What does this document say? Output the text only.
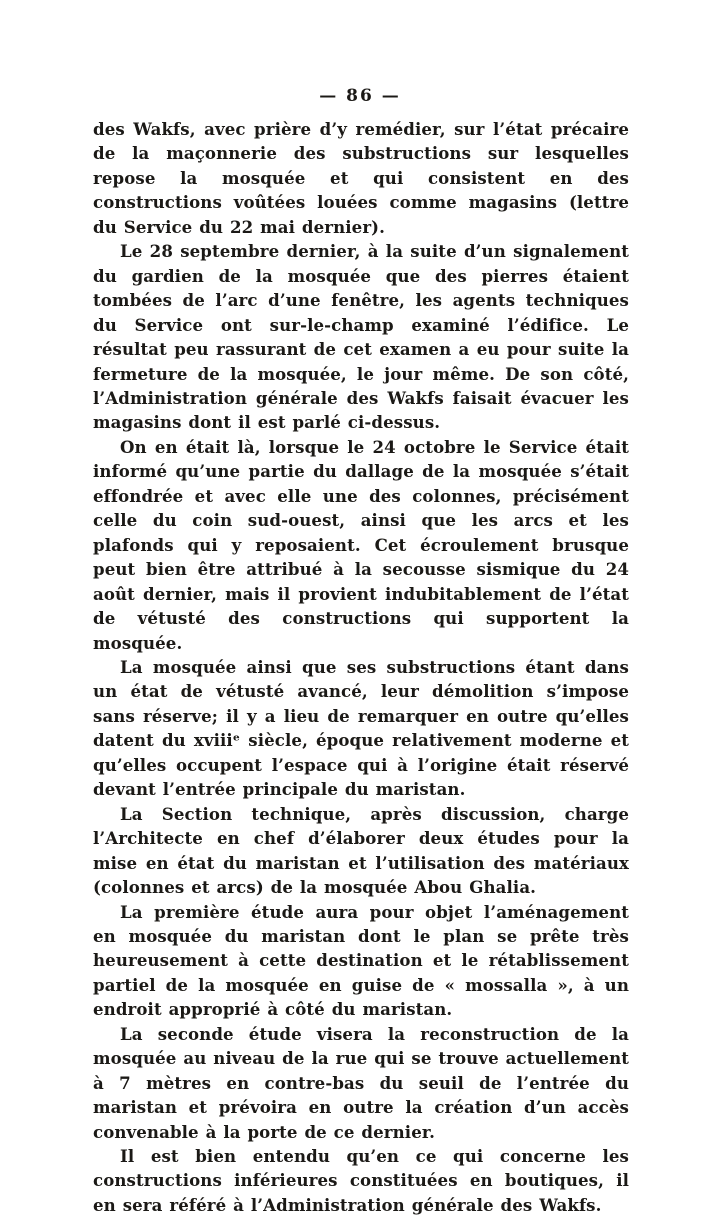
— 86 —

des Wakfs, avec prière d’y remédier, sur l’état précaire de la maçonnerie des substructions sur lesquelles repose la mosquée et qui consistent en des constructions voûtées louées comme magasins (lettre du Service du 22 mai dernier).

Le 28 septembre dernier, à la suite d’un signalement du gardien de la mosquée que des pierres étaient tombées de l’arc d’une fenêtre, les agents techniques du Service ont sur-le-champ examiné l’édifice. Le résultat peu rassurant de cet examen a eu pour suite la fermeture de la mosquée, le jour même. De son côté, l’Administration générale des Wakfs faisait évacuer les magasins dont il est parlé ci-dessus.

On en était là, lorsque le 24 octobre le Service était informé qu’une partie du dallage de la mosquée s’était effondrée et avec elle une des colonnes, précisément celle du coin sud-ouest, ainsi que les arcs et les plafonds qui y reposaient. Cet écroulement brusque peut bien être attribué à la secousse sismique du 24 août dernier, mais il provient indubitablement de l’état de vétusté des constructions qui supportent la mosquée.

La mosquée ainsi que ses substructions étant dans un état de vétusté avancé, leur démolition s’impose sans réserve; il y a lieu de remarquer en outre qu’elles datent du xviiiᵉ siècle, époque relativement moderne et qu’elles occupent l’espace qui à l’origine était réservé devant l’entrée principale du maristan.

La Section technique, après discussion, charge l’Architecte en chef d’élaborer deux études pour la mise en état du maristan et l’utilisation des matériaux (colonnes et arcs) de la mosquée Abou Ghalia.

La première étude aura pour objet l’aménagement en mosquée du maristan dont le plan se prête très heureusement à cette destination et le rétablissement partiel de la mosquée en guise de « mossalla », à un endroit approprié à côté du maristan.

La seconde étude visera la reconstruction de la mosquée au niveau de la rue qui se trouve actuellement à 7 mètres en contre-bas du seuil de l’entrée du maristan et prévoira en outre la création d’un accès convenable à la porte de ce dernier.

Il est bien entendu qu’en ce qui concerne les constructions inférieures constituées en boutiques, il en sera référé à l’Administration générale des Wakfs.
